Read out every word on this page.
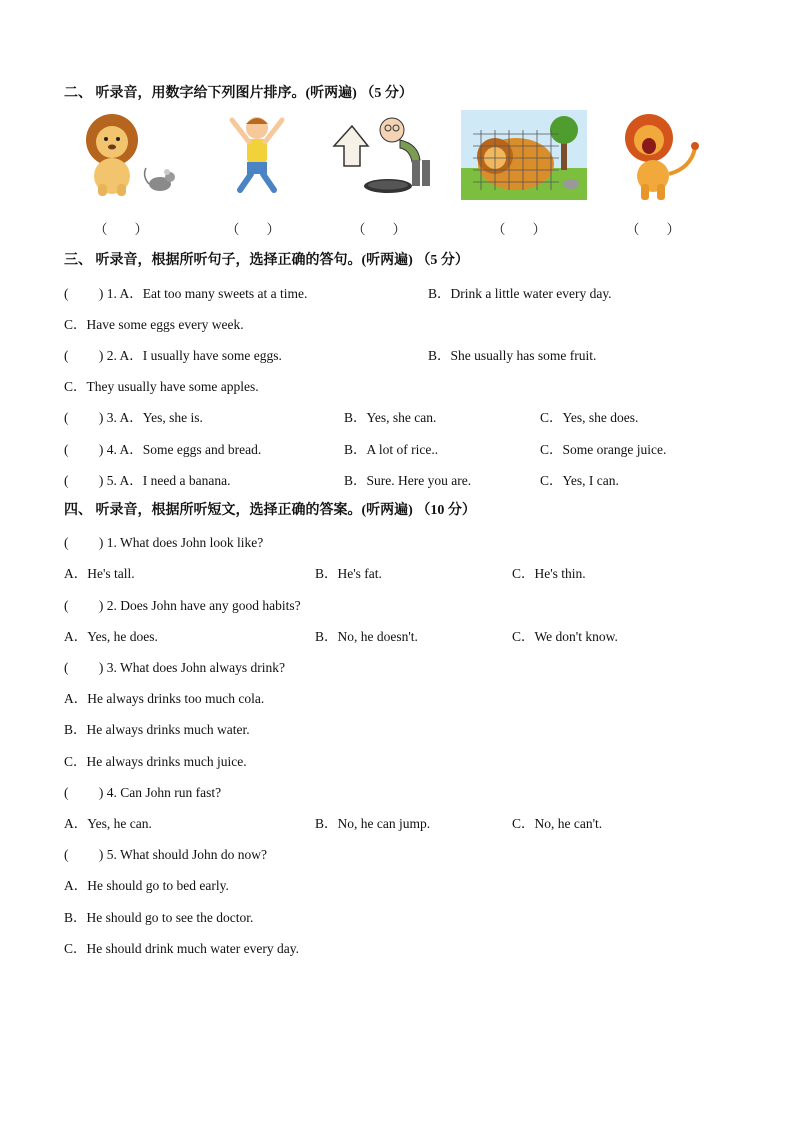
二、 听录音，用数字给下列图片排序。(听两遍) （5 分）
（　　）	（　　）	（　　）	（　　）	（　　）
三、 听录音，根据所听句子，选择正确的答句。(听两遍) （5 分）
(　　 ) 1. A．Eat too many sweets at a time.	B．Drink a little water every day.
C．Have some eggs every week.
(　　 ) 2. A．I usually have some eggs.	B．She usually has some fruit.
C．They usually have some apples.
(　　 ) 3. A．Yes, she is.	B．Yes, she can.	C．Yes, she does.
(　　 ) 4. A．Some eggs and bread.	B．A lot of rice..	C．Some orange juice.
(　　 ) 5. A．I need a banana.	B．Sure. Here you are.	C．Yes, I can.
四、 听录音，根据所听短文，选择正确的答案。(听两遍) （10 分）
(　　 ) 1. What does John look like?
A．He's tall.	B．He's fat.	C．He's thin.
(　　 ) 2. Does John have any good habits?
A．Yes, he does.	B．No, he doesn't.	C．We don't know.
(　　 ) 3. What does John always drink?
A．He always drinks too much cola.
B．He always drinks much water.
C．He always drinks much juice.
(　　 ) 4. Can John run fast?
A．Yes, he can.	B．No, he can jump.	C．No, he can't.
(　　 ) 5. What should John do now?
A．He should go to bed early.
B．He should go to see the doctor.
C．He should drink much water every day.
